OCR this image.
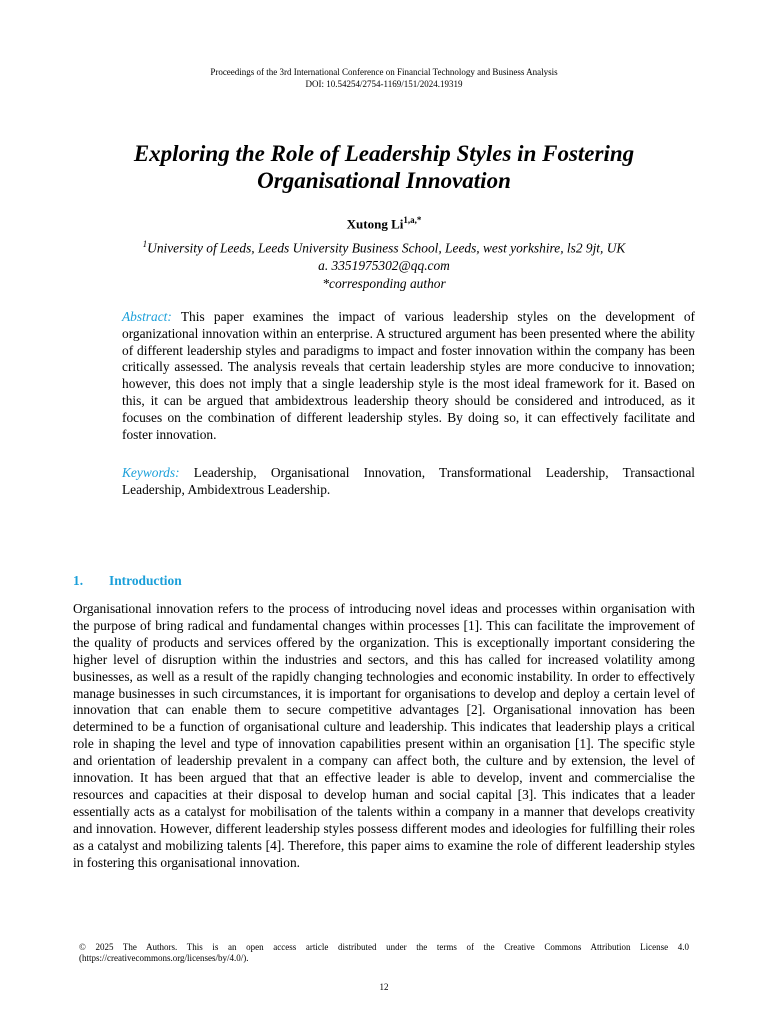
Proceedings of the 3rd International Conference on Financial Technology and Business Analysis
DOI: 10.54254/2754-1169/151/2024.19319
Exploring the Role of Leadership Styles in Fostering
Organisational Innovation
Xutong $Li^{1,a,*}$
$^1$University of Leeds, Leeds University Business School, Leeds, west yorkshire, ls2 9jt, UK
a. 3351975302@qq.com
*corresponding author
Abstract: This paper examines the impact of various leadership styles on the development of organizational innovation within an enterprise. A structured argument has been presented where the ability of different leadership styles and paradigms to impact and foster innovation within the company has been critically assessed. The analysis reveals that certain leadership styles are more conducive to innovation; however, this does not imply that a single leadership style is the most ideal framework for it. Based on this, it can be argued that ambidextrous leadership theory should be considered and introduced, as it focuses on the combination of different leadership styles. By doing so, it can effectively facilitate and foster innovation.
Keywords: Leadership, Organisational Innovation, Transformational Leadership, Transactional Leadership, Ambidextrous Leadership.
1. Introduction
Organisational innovation refers to the process of introducing novel ideas and processes within organisation with the purpose of bring radical and fundamental changes within processes [1]. This can facilitate the improvement of the quality of products and services offered by the organization. This is exceptionally important considering the higher level of disruption within the industries and sectors, and this has called for increased volatility among businesses, as well as a result of the rapidly changing technologies and economic instability. In order to effectively manage businesses in such circumstances, it is important for organisations to develop and deploy a certain level of innovation that can enable them to secure competitive advantages [2]. Organisational innovation has been determined to be a function of organisational culture and leadership. This indicates that leadership plays a critical role in shaping the level and type of innovation capabilities present within an organisation [1]. The specific style and orientation of leadership prevalent in a company can affect both, the culture and by extension, the level of innovation. It has been argued that that an effective leader is able to develop, invent and commercialise the resources and capacities at their disposal to develop human and social capital [3]. This indicates that a leader essentially acts as a catalyst for mobilisation of the talents within a company in a manner that develops creativity and innovation. However, different leadership styles possess different modes and ideologies for fulfilling their roles as a catalyst and mobilizing talents [4]. Therefore, this paper aims to examine the role of different leadership styles in fostering this organisational innovation.
© 2025 The Authors. This is an open access article distributed under the terms of the Creative Commons Attribution License 4.0 (https://creativecommons.org/licenses/by/4.0/).
12
